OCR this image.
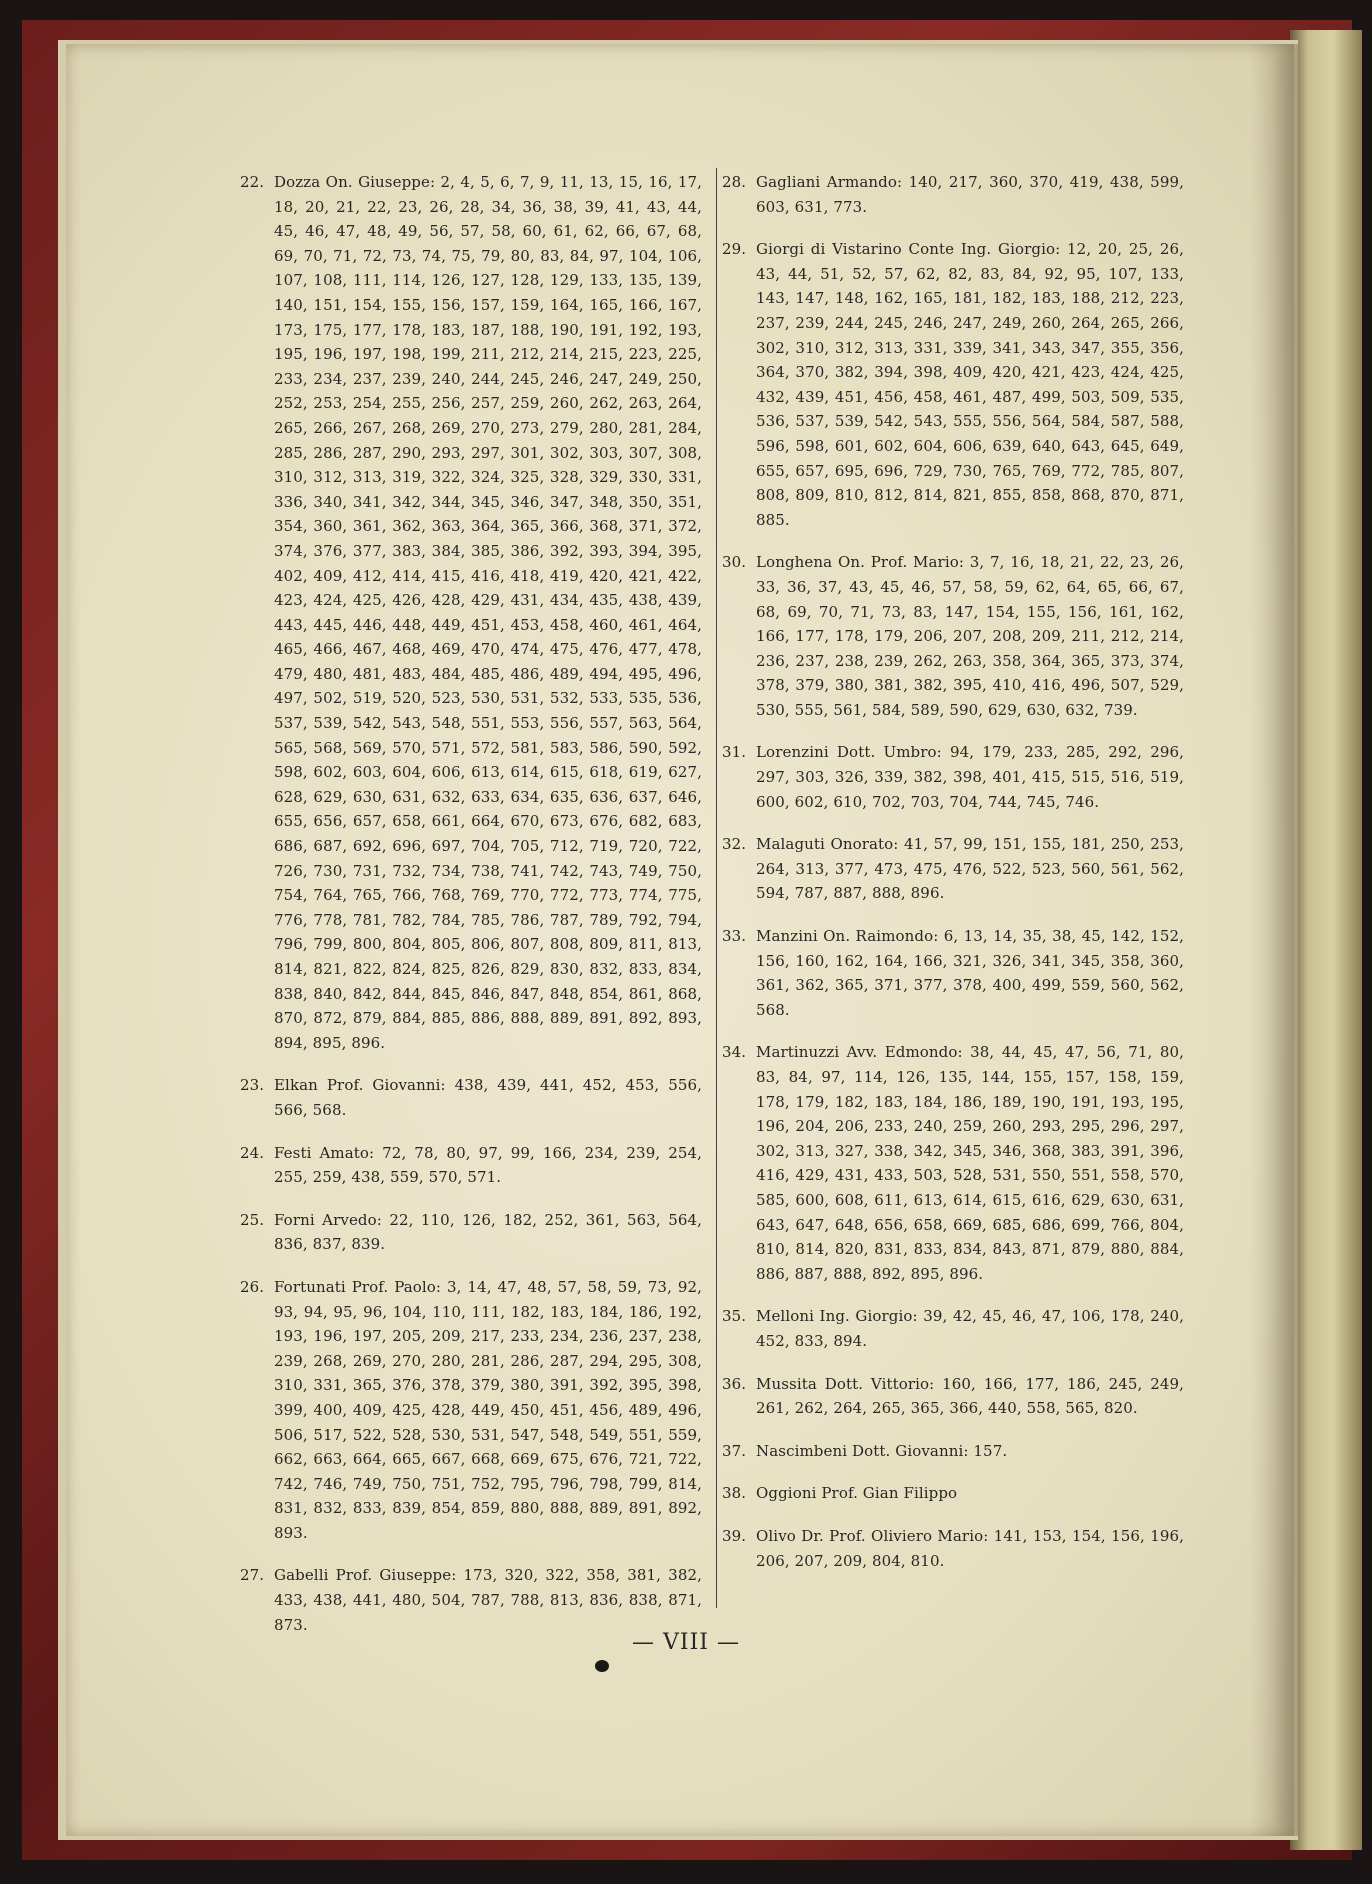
22. Dozza On. Giuseppe: 2, 4, 5, 6, 7, 9, 11, 13, 15, 16, 17, 18, 20, 21, 22, 23, 26, 28, 34, 36, 38, 39, 41, 43, 44, 45, 46, 47, 48, 49, 56, 57, 58, 60, 61, 62, 66, 67, 68, 69, 70, 71, 72, 73, 74, 75, 79, 80, 83, 84, 97, 104, 106, 107, 108, 111, 114, 126, 127, 128, 129, 133, 135, 139, 140, 151, 154, 155, 156, 157, 159, 164, 165, 166, 167, 173, 175, 177, 178, 183, 187, 188, 190, 191, 192, 193, 195, 196, 197, 198, 199, 211, 212, 214, 215, 223, 225, 233, 234, 237, 239, 240, 244, 245, 246, 247, 249, 250, 252, 253, 254, 255, 256, 257, 259, 260, 262, 263, 264, 265, 266, 267, 268, 269, 270, 273, 279, 280, 281, 284, 285, 286, 287, 290, 293, 297, 301, 302, 303, 307, 308, 310, 312, 313, 319, 322, 324, 325, 328, 329, 330, 331, 336, 340, 341, 342, 344, 345, 346, 347, 348, 350, 351, 354, 360, 361, 362, 363, 364, 365, 366, 368, 371, 372, 374, 376, 377, 383, 384, 385, 386, 392, 393, 394, 395, 402, 409, 412, 414, 415, 416, 418, 419, 420, 421, 422, 423, 424, 425, 426, 428, 429, 431, 434, 435, 438, 439, 443, 445, 446, 448, 449, 451, 453, 458, 460, 461, 464, 465, 466, 467, 468, 469, 470, 474, 475, 476, 477, 478, 479, 480, 481, 483, 484, 485, 486, 489, 494, 495, 496, 497, 502, 519, 520, 523, 530, 531, 532, 533, 535, 536, 537, 539, 542, 543, 548, 551, 553, 556, 557, 563, 564, 565, 568, 569, 570, 571, 572, 581, 583, 586, 590, 592, 598, 602, 603, 604, 606, 613, 614, 615, 618, 619, 627, 628, 629, 630, 631, 632, 633, 634, 635, 636, 637, 646, 655, 656, 657, 658, 661, 664, 670, 673, 676, 682, 683, 686, 687, 692, 696, 697, 704, 705, 712, 719, 720, 722, 726, 730, 731, 732, 734, 738, 741, 742, 743, 749, 750, 754, 764, 765, 766, 768, 769, 770, 772, 773, 774, 775, 776, 778, 781, 782, 784, 785, 786, 787, 789, 792, 794, 796, 799, 800, 804, 805, 806, 807, 808, 809, 811, 813, 814, 821, 822, 824, 825, 826, 829, 830, 832, 833, 834, 838, 840, 842, 844, 845, 846, 847, 848, 854, 861, 868, 870, 872, 879, 884, 885, 886, 888, 889, 891, 892, 893, 894, 895, 896.
23. Elkan Prof. Giovanni: 438, 439, 441, 452, 453, 556, 566, 568.
24. Festi Amato: 72, 78, 80, 97, 99, 166, 234, 239, 254, 255, 259, 438, 559, 570, 571.
25. Forni Arvedo: 22, 110, 126, 182, 252, 361, 563, 564, 836, 837, 839.
26. Fortunati Prof. Paolo: 3, 14, 47, 48, 57, 58, 59, 73, 92, 93, 94, 95, 96, 104, 110, 111, 182, 183, 184, 186, 192, 193, 196, 197, 205, 209, 217, 233, 234, 236, 237, 238, 239, 268, 269, 270, 280, 281, 286, 287, 294, 295, 308, 310, 331, 365, 376, 378, 379, 380, 391, 392, 395, 398, 399, 400, 409, 425, 428, 449, 450, 451, 456, 489, 496, 506, 517, 522, 528, 530, 531, 547, 548, 549, 551, 559, 662, 663, 664, 665, 667, 668, 669, 675, 676, 721, 722, 742, 746, 749, 750, 751, 752, 795, 796, 798, 799, 814, 831, 832, 833, 839, 854, 859, 880, 888, 889, 891, 892, 893.
27. Gabelli Prof. Giuseppe: 173, 320, 322, 358, 381, 382, 433, 438, 441, 480, 504, 787, 788, 813, 836, 838, 871, 873.
28. Gagliani Armando: 140, 217, 360, 370, 419, 438, 599, 603, 631, 773.
29. Giorgi di Vistarino Conte Ing. Giorgio: 12, 20, 25, 26, 43, 44, 51, 52, 57, 62, 82, 83, 84, 92, 95, 107, 133, 143, 147, 148, 162, 165, 181, 182, 183, 188, 212, 223, 237, 239, 244, 245, 246, 247, 249, 260, 264, 265, 266, 302, 310, 312, 313, 331, 339, 341, 343, 347, 355, 356, 364, 370, 382, 394, 398, 409, 420, 421, 423, 424, 425, 432, 439, 451, 456, 458, 461, 487, 499, 503, 509, 535, 536, 537, 539, 542, 543, 555, 556, 564, 584, 587, 588, 596, 598, 601, 602, 604, 606, 639, 640, 643, 645, 649, 655, 657, 695, 696, 729, 730, 765, 769, 772, 785, 807, 808, 809, 810, 812, 814, 821, 855, 858, 868, 870, 871, 885.
30. Longhena On. Prof. Mario: 3, 7, 16, 18, 21, 22, 23, 26, 33, 36, 37, 43, 45, 46, 57, 58, 59, 62, 64, 65, 66, 67, 68, 69, 70, 71, 73, 83, 147, 154, 155, 156, 161, 162, 166, 177, 178, 179, 206, 207, 208, 209, 211, 212, 214, 236, 237, 238, 239, 262, 263, 358, 364, 365, 373, 374, 378, 379, 380, 381, 382, 395, 410, 416, 496, 507, 529, 530, 555, 561, 584, 589, 590, 629, 630, 632, 739.
31. Lorenzini Dott. Umbro: 94, 179, 233, 285, 292, 296, 297, 303, 326, 339, 382, 398, 401, 415, 515, 516, 519, 600, 602, 610, 702, 703, 704, 744, 745, 746.
32. Malaguti Onorato: 41, 57, 99, 151, 155, 181, 250, 253, 264, 313, 377, 473, 475, 476, 522, 523, 560, 561, 562, 594, 787, 887, 888, 896.
33. Manzini On. Raimondo: 6, 13, 14, 35, 38, 45, 142, 152, 156, 160, 162, 164, 166, 321, 326, 341, 345, 358, 360, 361, 362, 365, 371, 377, 378, 400, 499, 559, 560, 562, 568.
34. Martinuzzi Avv. Edmondo: 38, 44, 45, 47, 56, 71, 80, 83, 84, 97, 114, 126, 135, 144, 155, 157, 158, 159, 178, 179, 182, 183, 184, 186, 189, 190, 191, 193, 195, 196, 204, 206, 233, 240, 259, 260, 293, 295, 296, 297, 302, 313, 327, 338, 342, 345, 346, 368, 383, 391, 396, 416, 429, 431, 433, 503, 528, 531, 550, 551, 558, 570, 585, 600, 608, 611, 613, 614, 615, 616, 629, 630, 631, 643, 647, 648, 656, 658, 669, 685, 686, 699, 766, 804, 810, 814, 820, 831, 833, 834, 843, 871, 879, 880, 884, 886, 887, 888, 892, 895, 896.
35. Melloni Ing. Giorgio: 39, 42, 45, 46, 47, 106, 178, 240, 452, 833, 894.
36. Mussita Dott. Vittorio: 160, 166, 177, 186, 245, 249, 261, 262, 264, 265, 365, 366, 440, 558, 565, 820.
37. Nascimbeni Dott. Giovanni: 157.
38. Oggioni Prof. Gian Filippo
39. Olivo Dr. Prof. Oliviero Mario: 141, 153, 154, 156, 196, 206, 207, 209, 804, 810.
— VIII —
